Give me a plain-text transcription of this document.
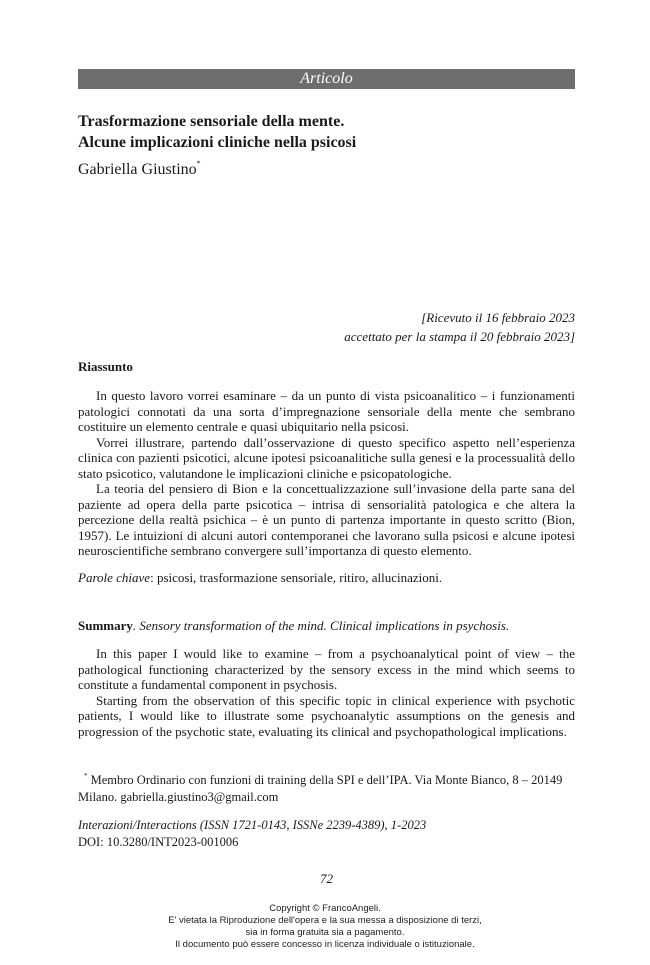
Articolo
Trasformazione sensoriale della mente.
Alcune implicazioni cliniche nella psicosi
Gabriella Giustino*
[Ricevuto il 16 febbraio 2023
accettato per la stampa il 20 febbraio 2023]
Riassunto

In questo lavoro vorrei esaminare – da un punto di vista psicoanalitico – i funzionamenti patologici connotati da una sorta d’impregnazione sensoriale della mente che sembrano costituire un elemento centrale e quasi ubiquitario nella psicosi.

Vorrei illustrare, partendo dall’osservazione di questo specifico aspetto nell’esperienza clinica con pazienti psicotici, alcune ipotesi psicoanalitiche sulla genesi e la processualità dello stato psicotico, valutandone le implicazioni cliniche e psicopatologiche.

La teoria del pensiero di Bion e la concettualizzazione sull’invasione della parte sana del paziente ad opera della parte psicotica – intrisa di sensorialità patologica e che altera la percezione della realtà psichica – è un punto di partenza importante in questo scritto (Bion, 1957). Le intuizioni di alcuni autori contemporanei che lavorano sulla psicosi e alcune ipotesi neuroscientifiche sembrano convergere sull’importanza di questo elemento.

Parole chiave: psicosi, trasformazione sensoriale, ritiro, allucinazioni.
Summary. Sensory transformation of the mind. Clinical implications in psychosis.

In this paper I would like to examine – from a psychoanalytical point of view – the pathological functioning characterized by the sensory excess in the mind which seems to constitute a fundamental component in psychosis.

Starting from the observation of this specific topic in clinical experience with psychotic patients, I would like to illustrate some psychoanalytic assumptions on the genesis and progression of the psychotic state, evaluating its clinical and psychopathological implications.

* Membro Ordinario con funzioni di training della SPI e dell’IPA. Via Monte Bianco, 8 – 20149 Milano. gabriella.giustino3@gmail.com

Interazioni/Interactions (ISSN 1721-0143, ISSNe 2239-4389), 1-2023
DOI: 10.3280/INT2023-001006
72
Copyright © FrancoAngeli.
E' vietata la Riproduzione dell'opera e la sua messa a disposizione di terzi,
sia in forma gratuita sia a pagamento.
Il documento può essere concesso in licenza individuale o istituzionale.
